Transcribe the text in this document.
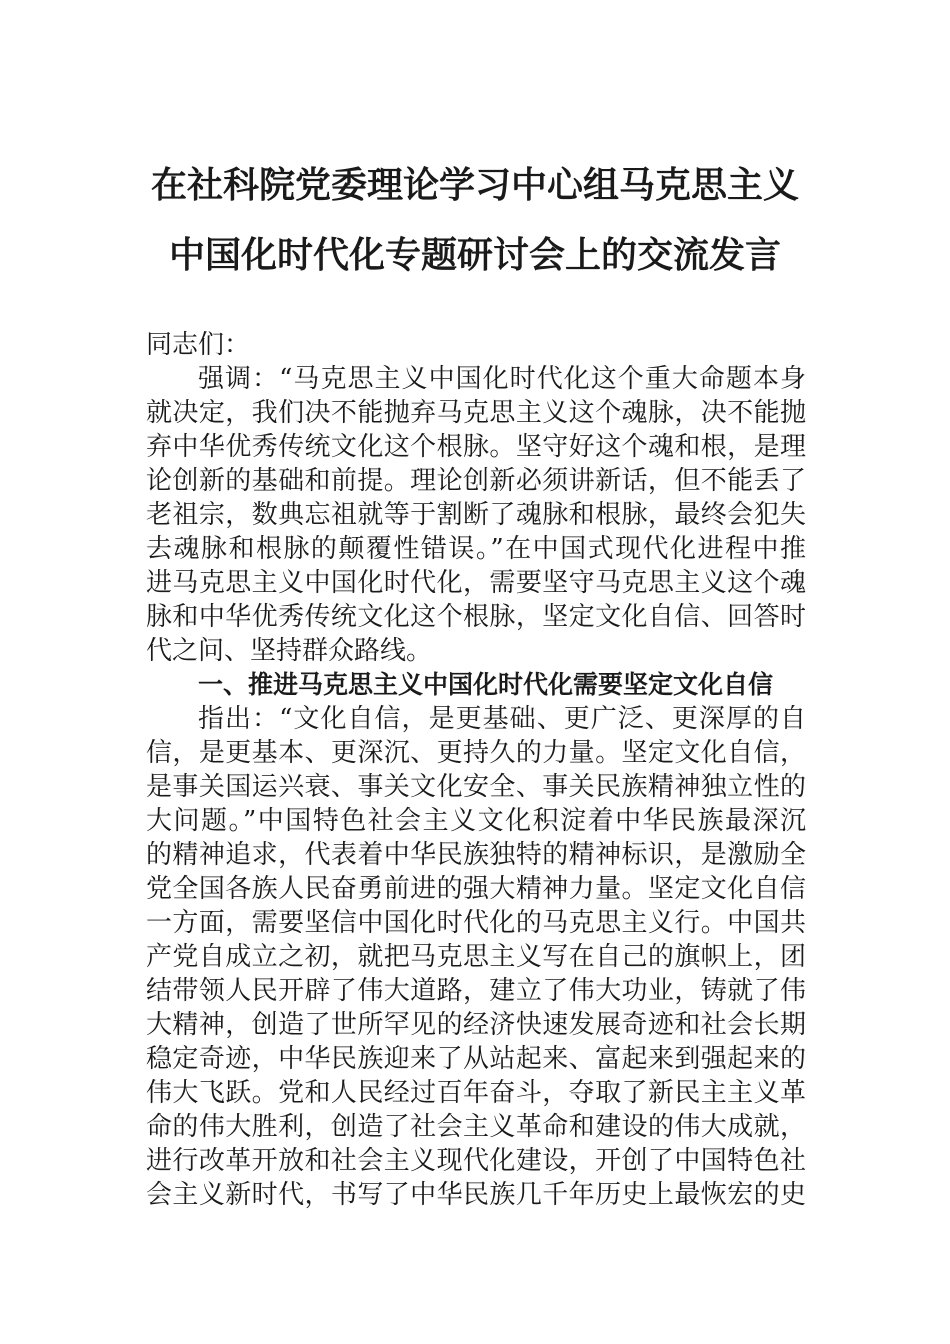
在社科院党委理论学习中心组马克思主义
中国化时代化专题研讨会上的交流发言
同志们：
强调：“马克思主义中国化时代化这个重大命题本身
就决定，我们决不能抛弃马克思主义这个魂脉，决不能抛
弃中华优秀传统文化这个根脉。坚守好这个魂和根，是理
论创新的基础和前提。理论创新必须讲新话，但不能丢了
老祖宗，数典忘祖就等于割断了魂脉和根脉，最终会犯失
去魂脉和根脉的颠覆性错误。”在中国式现代化进程中推
进马克思主义中国化时代化，需要坚守马克思主义这个魂
脉和中华优秀传统文化这个根脉，坚定文化自信、回答时
代之问、坚持群众路线。
一、推进马克思主义中国化时代化需要坚定文化自信
指出：“文化自信，是更基础、更广泛、更深厚的自
信，是更基本、更深沉、更持久的力量。坚定文化自信，
是事关国运兴衰、事关文化安全、事关民族精神独立性的
大问题。”中国特色社会主义文化积淀着中华民族最深沉
的精神追求，代表着中华民族独特的精神标识，是激励全
党全国各族人民奋勇前进的强大精神力量。坚定文化自信
一方面，需要坚信中国化时代化的马克思主义行。中国共
产党自成立之初，就把马克思主义写在自己的旗帜上，团
结带领人民开辟了伟大道路，建立了伟大功业，铸就了伟
大精神，创造了世所罕见的经济快速发展奇迹和社会长期
稳定奇迹，中华民族迎来了从站起来、富起来到强起来的
伟大飞跃。党和人民经过百年奋斗，夺取了新民主主义革
命的伟大胜利，创造了社会主义革命和建设的伟大成就，
进行改革开放和社会主义现代化建设，开创了中国特色社
会主义新时代，书写了中华民族几千年历史上最恢宏的史
